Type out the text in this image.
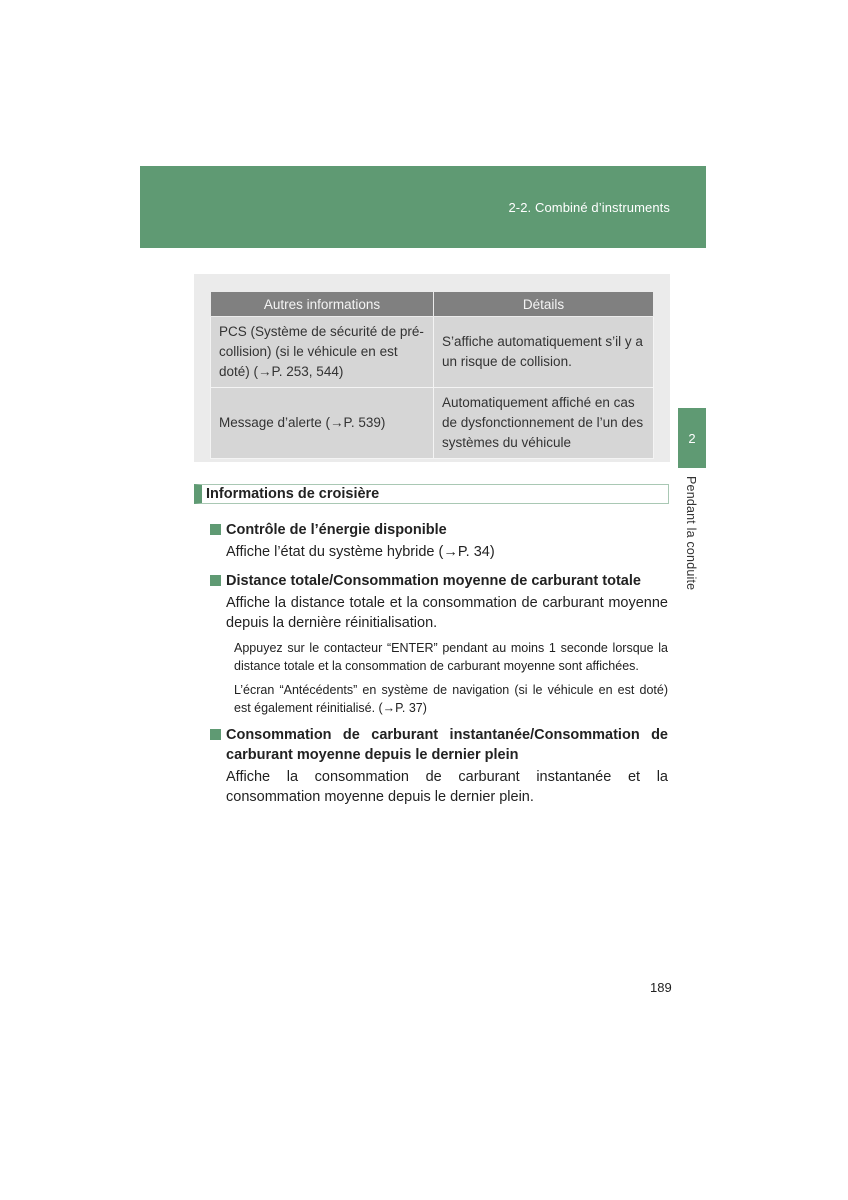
2-2. Combiné d’instruments
2
Pendant la conduite
Autres informations	Détails
PCS (Système de sécurité de pré-collision) (si le véhicule en est doté) (→P. 253, 544)	S’affiche automatiquement s’il y a un risque de collision.
Message d’alerte (→P. 539)	Automatiquement affiché en cas de dysfonctionnement de l’un des systèmes du véhicule
Informations de croisière
Contrôle de l’énergie disponible
Affiche l’état du système hybride (→P. 34)
Distance totale/Consommation moyenne de carburant totale
Affiche la distance totale et la consommation de carburant moyenne depuis la dernière réinitialisation.
Appuyez sur le contacteur “ENTER” pendant au moins 1 seconde lorsque la distance totale et la consommation de carburant moyenne sont affichées.
L’écran “Antécédents” en système de navigation (si le véhicule en est doté) est également réinitialisé. (→P. 37)
Consommation de carburant instantanée/Consommation de carburant moyenne depuis le dernier plein
Affiche la consommation de carburant instantanée et la consommation moyenne depuis le dernier plein.
189
